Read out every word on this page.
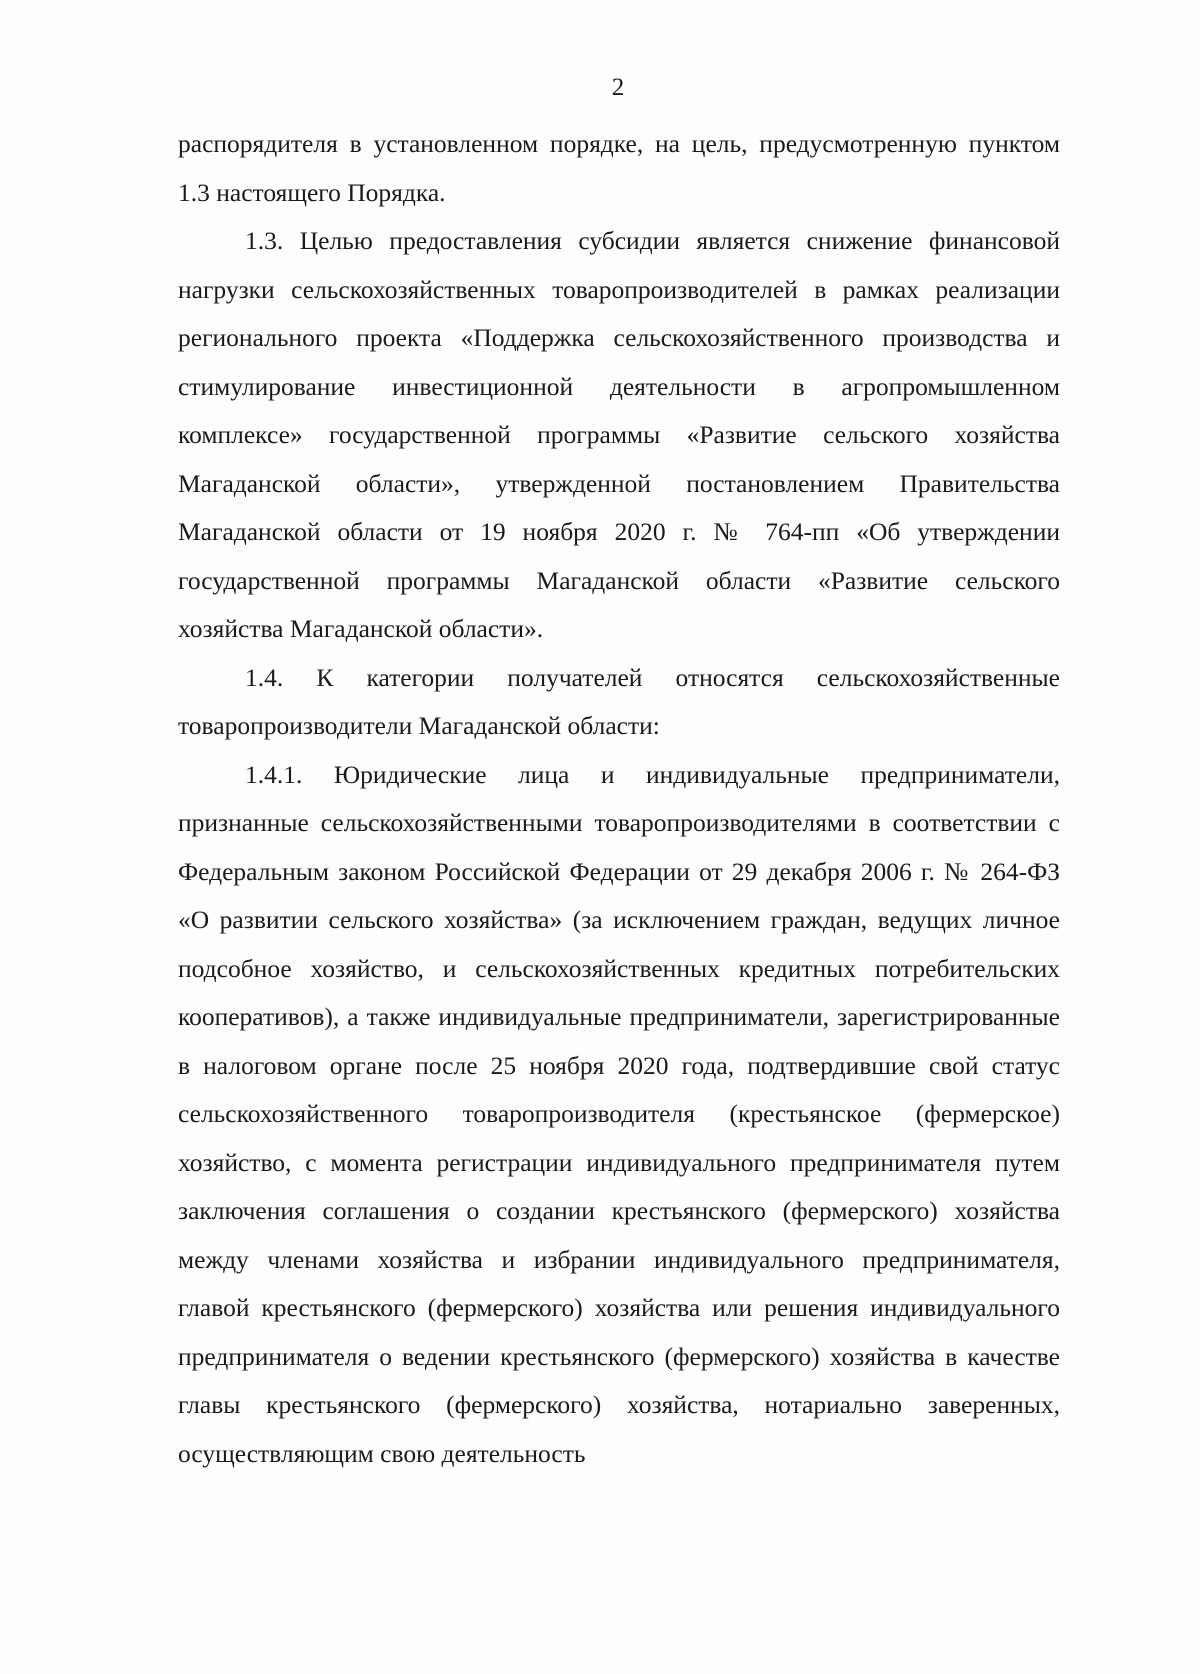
2

распорядителя в установленном порядке, на цель, предусмотренную пунктом 1.3 настоящего Порядка.

1.3. Целью предоставления субсидии является снижение финансовой нагрузки сельскохозяйственных товаропроизводителей в рамках реализации регионального проекта «Поддержка сельскохозяйственного производства и стимулирование инвестиционной деятельности в агропромышленном комплексе» государственной программы «Развитие сельского хозяйства Магаданской области», утвержденной постановлением Правительства Магаданской области от 19 ноября 2020 г. № 764-пп «Об утверждении государственной программы Магаданской области «Развитие сельского хозяйства Магаданской области».

1.4. К категории получателей относятся сельскохозяйственные товаропроизводители Магаданской области:

1.4.1. Юридические лица и индивидуальные предприниматели, признанные сельскохозяйственными товаропроизводителями в соответствии с Федеральным законом Российской Федерации от 29 декабря 2006 г. № 264-ФЗ «О развитии сельского хозяйства» (за исключением граждан, ведущих личное подсобное хозяйство, и сельскохозяйственных кредитных потребительских кооперативов), а также индивидуальные предприниматели, зарегистрированные в налоговом органе после 25 ноября 2020 года, подтвердившие свой статус сельскохозяйственного товаропроизводителя (крестьянское (фермерское) хозяйство, с момента регистрации индивидуального предпринимателя путем заключения соглашения о создании крестьянского (фермерского) хозяйства между членами хозяйства и избрании индивидуального предпринимателя, главой крестьянского (фермерского) хозяйства или решения индивидуального предпринимателя о ведении крестьянского (фермерского) хозяйства в качестве главы крестьянского (фермерского) хозяйства, нотариально заверенных, осуществляющим свою деятельность
